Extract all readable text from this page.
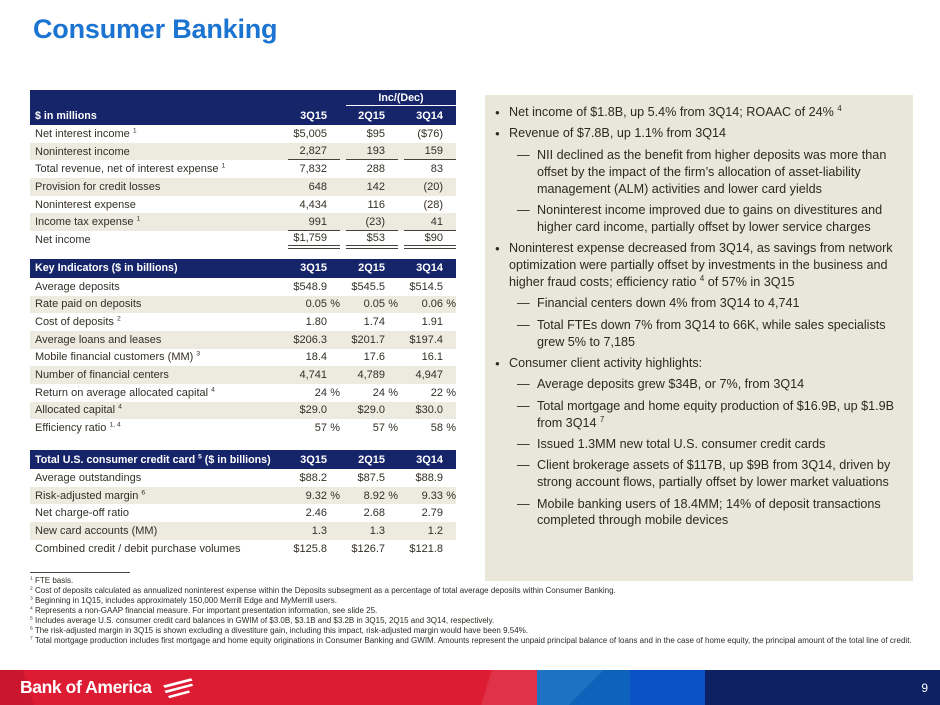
Consumer Banking
Inc/(Dec)
$ in millions	3Q15	2Q15	3Q14
Net interest income $^1$	$5,005	$95	($76)
Noninterest income	2,827	193	159
Total revenue, net of interest expense $^1$	7,832	288	83
Provision for credit losses	648	142	(20)
Noninterest expense	4,434	116	(28)
Income tax expense $^1$	991	(23)	41
Net income	$1,759	$53	$90
Key Indicators ($ in billions)	3Q15	2Q15	3Q14
Average deposits	$548.9	$545.5	$514.5
Rate paid on deposits	0.05 %	0.05 %	0.06 %
Cost of deposits $^2$	1.80	1.74	1.91
Average loans and leases	$206.3	$201.7	$197.4
Mobile financial customers (MM) $^3$	18.4	17.6	16.1
Number of financial centers	4,741	4,789	4,947
Return on average allocated capital $^4$	24 %	24 %	22 %
Allocated capital $^4$	$29.0	$29.0	$30.0
Efficiency ratio $^{1, 4}$	57 %	57 %	58 %
Total U.S. consumer credit card $^5$ ($ in billions)	3Q15	2Q15	3Q14
Average outstandings	$88.2	$87.5	$88.9
Risk-adjusted margin $^6$	9.32 %	8.92 %	9.33 %
Net charge-off ratio	2.46	2.68	2.79
New card accounts (MM)	1.3	1.3	1.2
Combined credit / debit purchase volumes	$125.8	$126.7	$121.8
● Net income of $1.8B, up 5.4% from 3Q14; ROAAC of 24% $^4$
● Revenue of $7.8B, up 1.1% from 3Q14
— NII declined as the benefit from higher deposits was more than offset by the impact of the firm’s allocation of asset-liability management (ALM) activities and lower card yields
— Noninterest income improved due to gains on divestitures and higher card income, partially offset by lower service charges
● Noninterest expense decreased from 3Q14, as savings from network optimization were partially offset by investments in the business and higher fraud costs; efficiency ratio $^4$ of 57% in 3Q15
— Financial centers down 4% from 3Q14 to 4,741
— Total FTEs down 7% from 3Q14 to 66K, while sales specialists grew 5% to 7,185
● Consumer client activity highlights:
— Average deposits grew $34B, or 7%, from 3Q14
— Total mortgage and home equity production of $16.9B, up $1.9B from 3Q14 $^7$
— Issued 1.3MM new total U.S. consumer credit cards
— Client brokerage assets of $117B, up $9B from 3Q14, driven by strong account flows, partially offset by lower market valuations
— Mobile banking users of 18.4MM; 14% of deposit transactions completed through mobile devices
$^1$ FTE basis.
$^2$ Cost of deposits calculated as annualized noninterest expense within the Deposits subsegment as a percentage of total average deposits within Consumer Banking.
$^3$ Beginning in 1Q15, includes approximately 150,000 Merrill Edge and MyMerrill users.
$^4$ Represents a non-GAAP financial measure. For important presentation information, see slide 25.
$^5$ Includes average U.S. consumer credit card balances in GWIM of $3.0B, $3.1B and $3.2B in 3Q15, 2Q15 and 3Q14, respectively.
$^6$ The risk-adjusted margin in 3Q15 is shown excluding a divestiture gain, including this impact, risk-adjusted margin would have been 9.54%.
$^7$ Total mortgage production includes first mortgage and home equity originations in Consumer Banking and GWIM. Amounts represent the unpaid principal balance of loans and in the case of home equity, the principal amount of the total line of credit.
Bank of America	9
